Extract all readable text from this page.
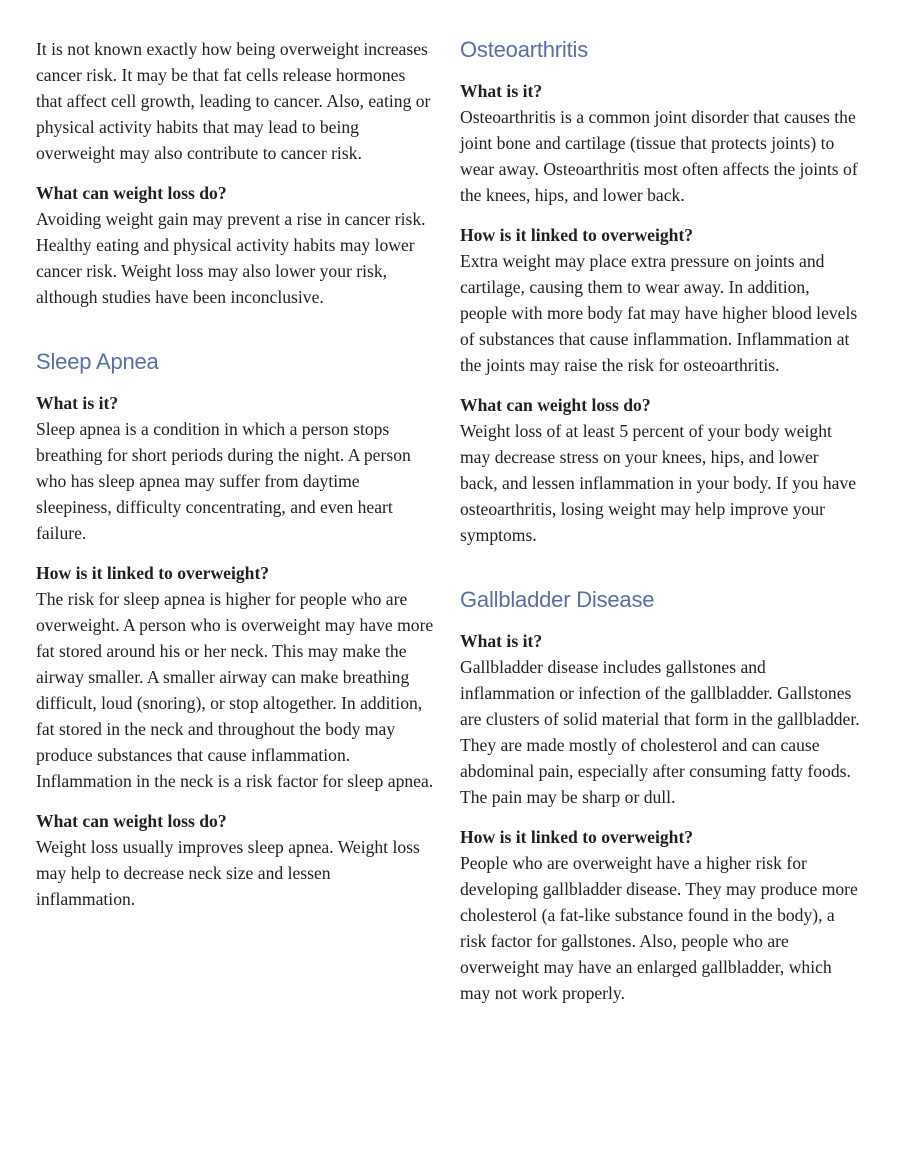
It is not known exactly how being overweight increases cancer risk. It may be that fat cells release hormones that affect cell growth, leading to cancer. Also, eating or physical activity habits that may lead to being overweight may also contribute to cancer risk.

What can weight loss do?

Avoiding weight gain may prevent a rise in cancer risk. Healthy eating and physical activity habits may lower cancer risk. Weight loss may also lower your risk, although studies have been inconclusive.

Sleep Apnea

What is it?

Sleep apnea is a condition in which a person stops breathing for short periods during the night. A person who has sleep apnea may suffer from daytime sleepiness, difficulty concentrating, and even heart failure.

How is it linked to overweight?

The risk for sleep apnea is higher for people who are overweight. A person who is overweight may have more fat stored around his or her neck. This may make the airway smaller. A smaller airway can make breathing difficult, loud (snoring), or stop altogether. In addition, fat stored in the neck and throughout the body may produce substances that cause inflammation. Inflammation in the neck is a risk factor for sleep apnea.

What can weight loss do?

Weight loss usually improves sleep apnea. Weight loss may help to decrease neck size and lessen inflammation.

Osteoarthritis

What is it?

Osteoarthritis is a common joint disorder that causes the joint bone and cartilage (tissue that protects joints) to wear away. Osteoarthritis most often affects the joints of the knees, hips, and lower back.

How is it linked to overweight?

Extra weight may place extra pressure on joints and cartilage, causing them to wear away. In addition, people with more body fat may have higher blood levels of substances that cause inflammation. Inflammation at the joints may raise the risk for osteoarthritis.

What can weight loss do?

Weight loss of at least 5 percent of your body weight may decrease stress on your knees, hips, and lower back, and lessen inflammation in your body. If you have osteoarthritis, losing weight may help improve your symptoms.

Gallbladder Disease

What is it?

Gallbladder disease includes gallstones and inflammation or infection of the gallbladder. Gallstones are clusters of solid material that form in the gallbladder. They are made mostly of cholesterol and can cause abdominal pain, especially after consuming fatty foods. The pain may be sharp or dull.

How is it linked to overweight?

People who are overweight have a higher risk for developing gallbladder disease. They may produce more cholesterol (a fat-like substance found in the body), a risk factor for gallstones. Also, people who are overweight may have an enlarged gallbladder, which may not work properly.
